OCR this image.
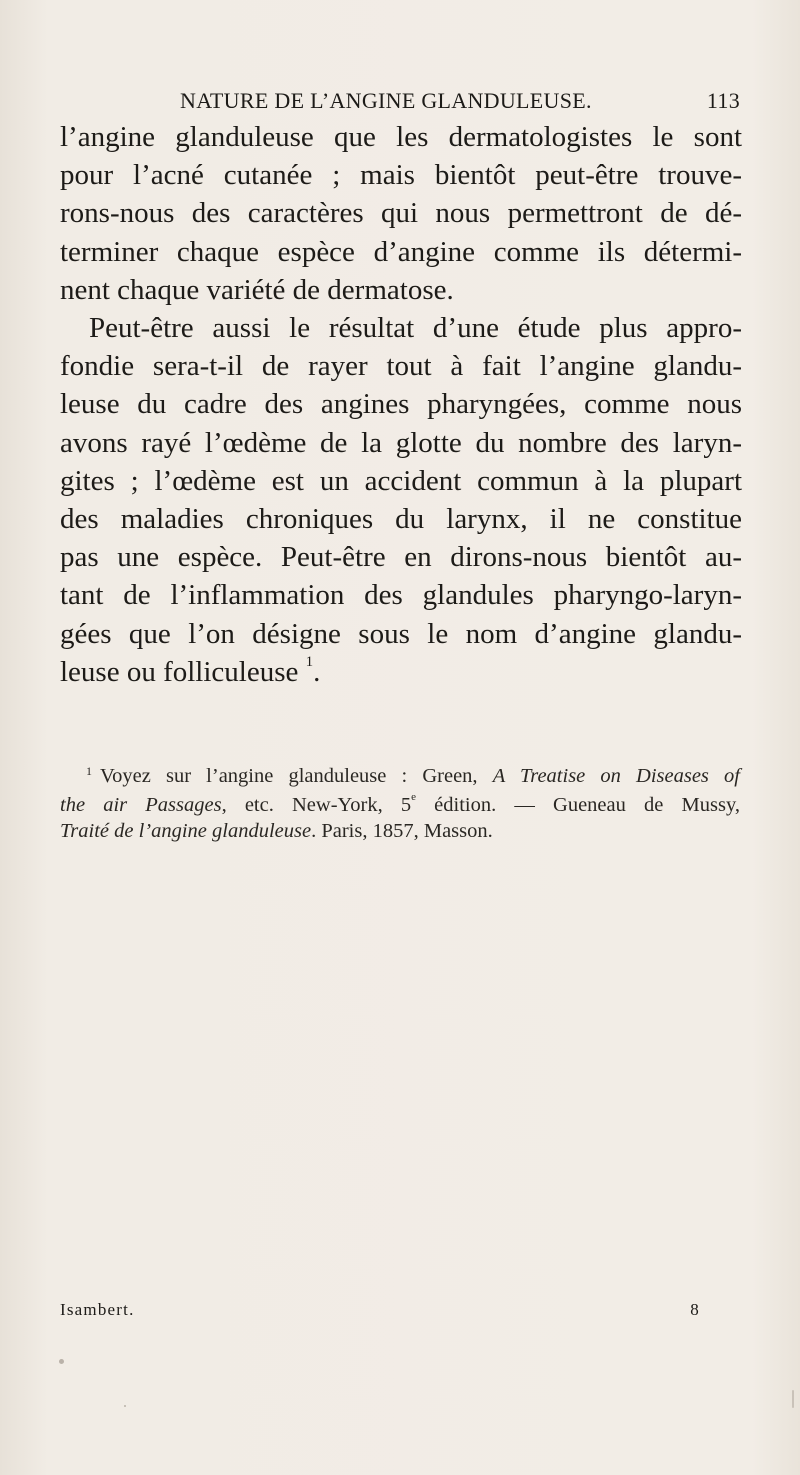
NATURE DE L’ANGINE GLANDULEUSE.	113
l’angine glanduleuse que les dermatologistes le sont
pour l’acné cutanée ; mais bientôt peut-être trouve-
rons-nous des caractères qui nous permettront de dé-
terminer chaque espèce d’angine comme ils détermi-
nent chaque variété de dermatose.
Peut-être aussi le résultat d’une étude plus appro-
fondie sera-t-il de rayer tout à fait l’angine glandu-
leuse du cadre des angines pharyngées, comme nous
avons rayé l’œdème de la glotte du nombre des laryn-
gites ; l’œdème est un accident commun à la plupart
des maladies chroniques du larynx, il ne constitue
pas une espèce. Peut-être en dirons-nous bientôt au-
tant de l’inflammation des glandules pharyngo-laryn-
gées que l’on désigne sous le nom d’angine glandu-
leuse ou folliculeuse $^1$.
$^1$ Voyez sur l’angine glanduleuse : Green, A Treatise on Diseases of
the air Passages, etc. New-York, 5e édition. — Gueneau de Mussy,
Traité de l’angine glanduleuse. Paris, 1857, Masson.
Isambert.	8
